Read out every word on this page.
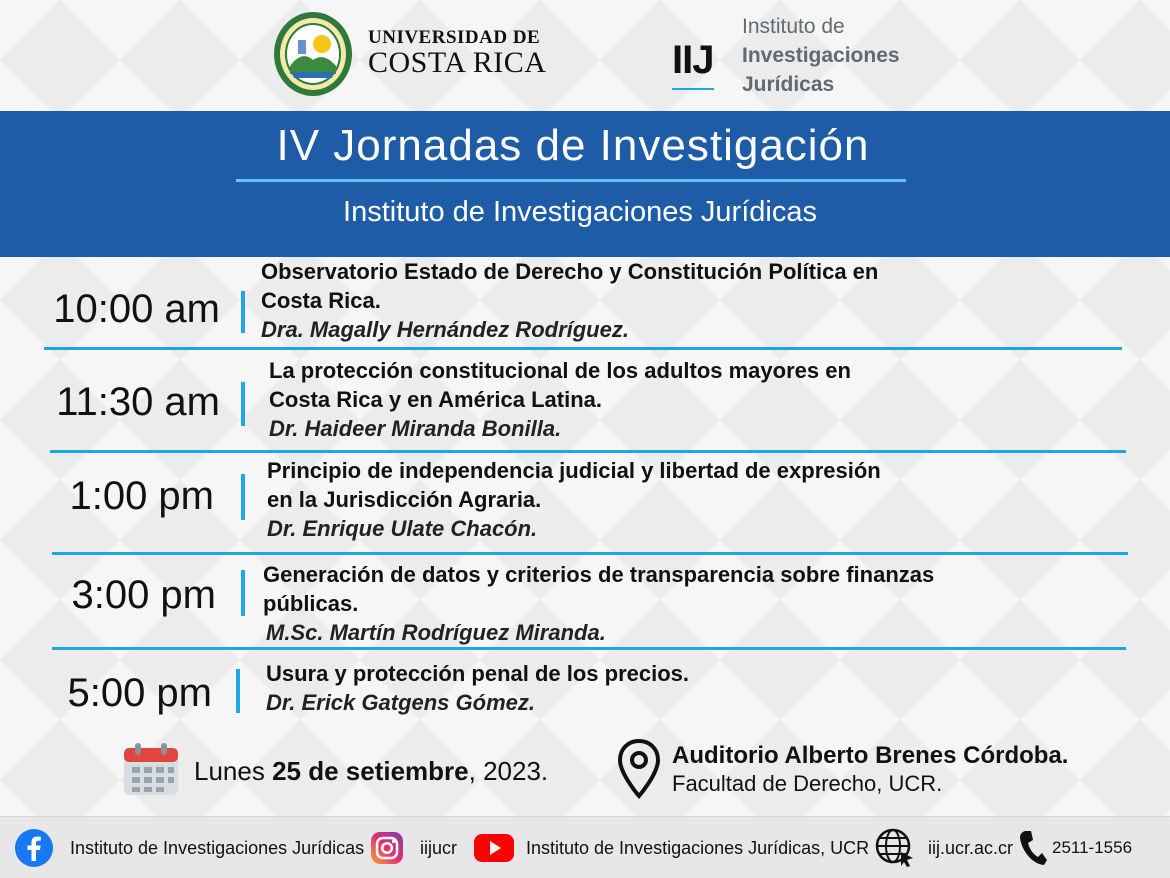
UNIVERSIDAD DE
COSTA RICA	IIJ
Instituto de
Investigaciones
Jurídicas
IV Jornadas de Investigación
Instituto de Investigaciones Jurídicas
10:00 am
Observatorio Estado de Derecho y Constitución Política en
Costa Rica.
Dra. Magally Hernández Rodríguez.
11:30 am
La protección constitucional de los adultos mayores en
Costa Rica y en América Latina.
Dr. Haideer Miranda Bonilla.
1:00 pm
Principio de independencia judicial y libertad de expresión
en la Jurisdicción Agraria.
Dr. Enrique Ulate Chacón.
3:00 pm Generación de datos y criterios de transparencia sobre finanzas
públicas.
M.Sc. Martín Rodríguez Miranda.
5:00 pm Usura y protección penal de los precios.
Dr. Erick Gatgens Gómez.
Lunes 25 de setiembre, 2023.
Auditorio Alberto Brenes Córdoba.
Facultad de Derecho, UCR.
Instituto de Investigaciones Jurídicas	iijucr	Instituto de Investigaciones Jurídicas, UCR	iij.ucr.ac.cr 2511-1556
